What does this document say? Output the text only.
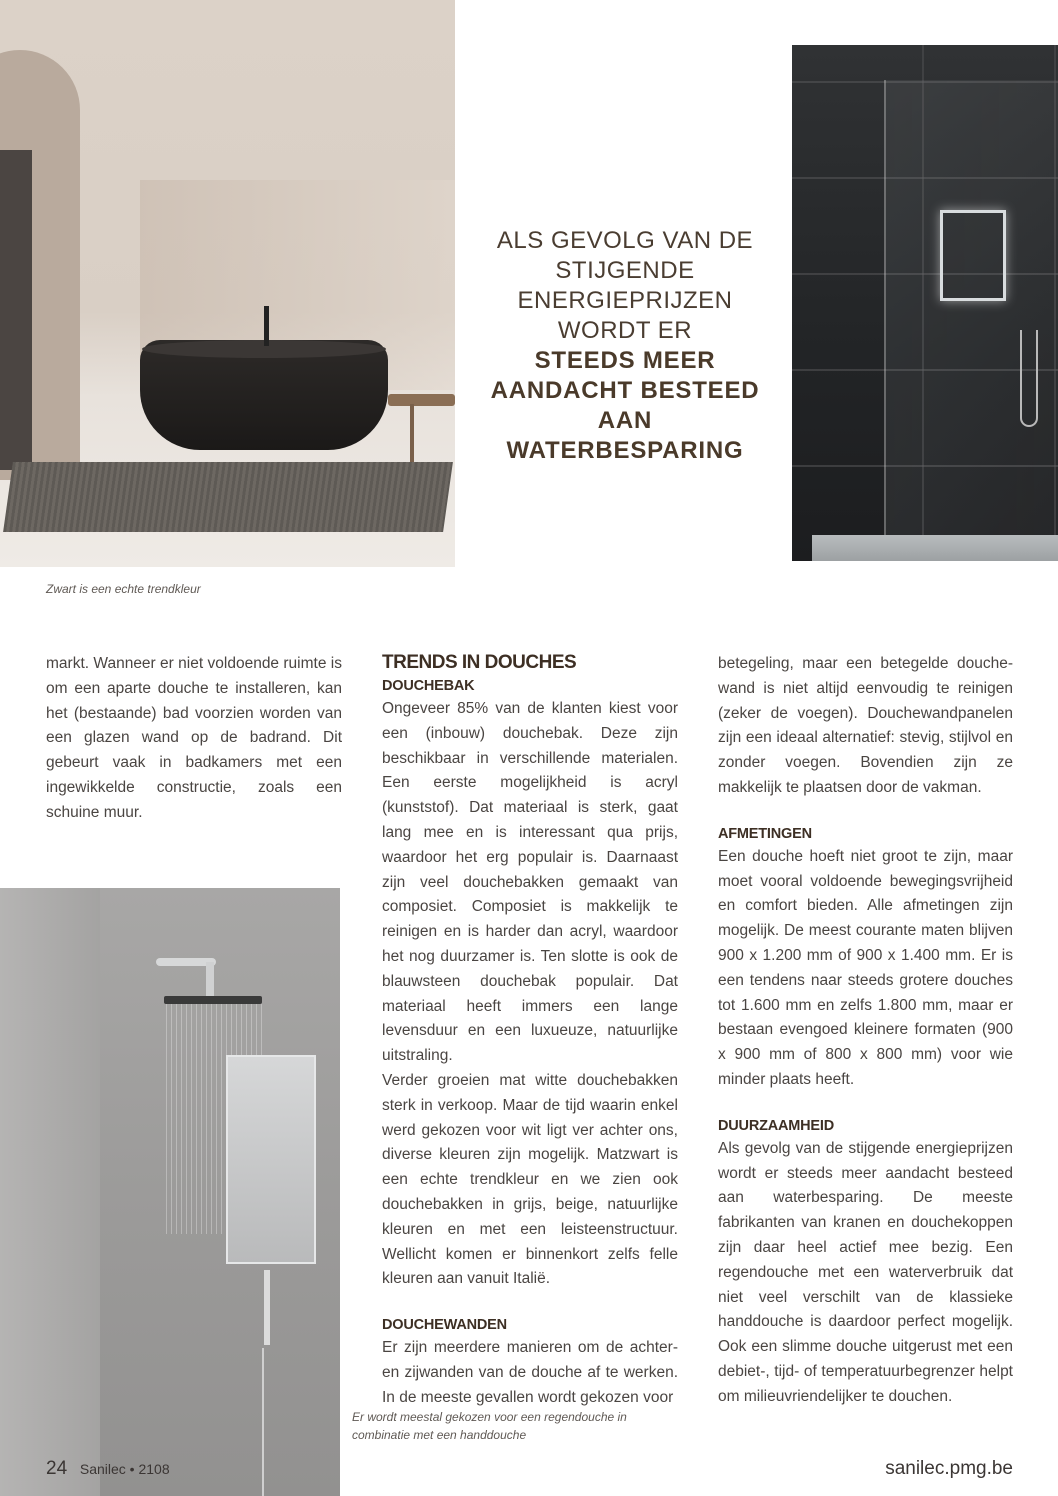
ALS GEVOLG VAN DE STIJGENDE ENERGIEPRIJZEN WORDT ER
STEEDS MEER AANDACHT BESTEED AAN WATERBESPARING
Zwart is een echte trendkleur
Er wordt meestal gekozen voor een regendouche in combinatie met een handdouche

markt. Wanneer er niet voldoende ruimte is om een aparte douche te installeren, kan het (bestaande) bad voorzien worden van een glazen wand op de badrand. Dit gebeurt vaak in badkamers met een ingewikkelde constructie, zoals een schuine muur.

TRENDS IN DOUCHES
DOUCHEBAK

Ongeveer 85% van de klanten kiest voor een (inbouw) douchebak. Deze zijn beschikbaar in verschillende materialen. Een eerste mogelijkheid is acryl (kunststof). Dat materiaal is sterk, gaat lang mee en is interessant qua prijs, waardoor het erg populair is. Daarnaast zijn veel douchebakken gemaakt van composiet. Composiet is makkelijk te reinigen en is harder dan acryl, waardoor het nog duurzamer is. Ten slotte is ook de blauwsteen douchebak populair. Dat materiaal heeft immers een lange levensduur en een luxueuze, natuurlijke uitstraling.

Verder groeien mat witte douchebakken sterk in verkoop. Maar de tijd waarin enkel werd gekozen voor wit ligt ver achter ons, diverse kleuren zijn mogelijk. Matzwart is een echte trendkleur en we zien ook douchebakken in grijs, beige, natuurlijke kleuren en met een leisteenstructuur. Wellicht komen er binnenkort zelfs felle kleuren aan vanuit Italië.

DOUCHEWANDEN

Er zijn meerdere manieren om de achter- en zijwanden van de douche af te werken. In de meeste gevallen wordt gekozen voor

betegeling, maar een betegelde douchewand is niet altijd eenvoudig te reinigen (zeker de voegen). Douchewandpanelen zijn een ideaal alternatief: stevig, stijlvol en zonder voegen. Bovendien zijn ze makkelijk te plaatsen door de vakman.

AFMETINGEN

Een douche hoeft niet groot te zijn, maar moet vooral voldoende bewegingsvrijheid en comfort bieden. Alle afmetingen zijn mogelijk. De meest courante maten blijven 900 x 1.200 mm of 900 x 1.400 mm. Er is een tendens naar steeds grotere douches tot 1.600 mm en zelfs 1.800 mm, maar er bestaan evengoed kleinere formaten (900 x 900 mm of 800 x 800 mm) voor wie minder plaats heeft.

DUURZAAMHEID

Als gevolg van de stijgende energieprijzen wordt er steeds meer aandacht besteed aan waterbesparing. De meeste fabrikanten van kranen en douchekoppen zijn daar heel actief mee bezig. Een regendouche met een waterverbruik dat niet veel verschilt van de klassieke handdouche is daardoor perfect mogelijk. Ook een slimme douche uitgerust met een debiet-, tijd- of temperatuurbegrenzer helpt om milieuvriendelijker te douchen.

24 Sanilec • 2108	sanilec.pmg.be
